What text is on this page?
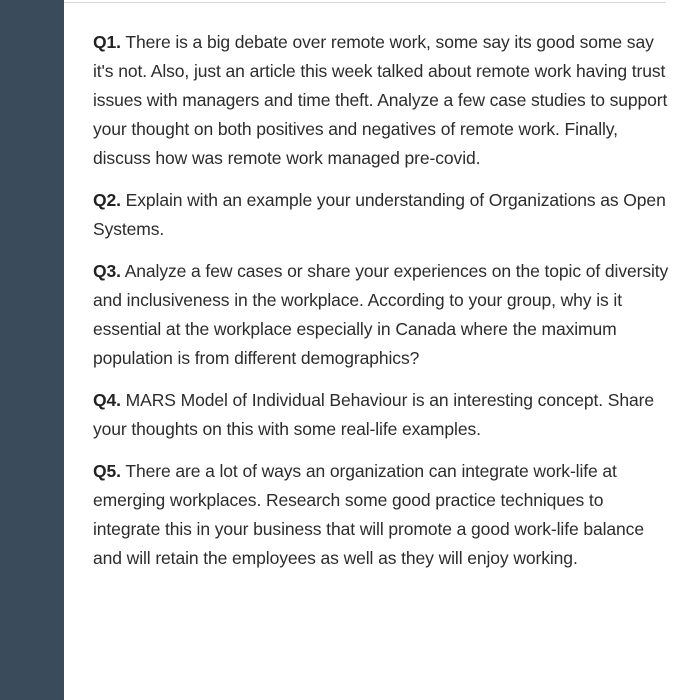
Q1. There is a big debate over remote work, some say its good some say it's not. Also, just an article this week talked about remote work having trust issues with managers and time theft. Analyze a few case studies to support your thought on both positives and negatives of remote work. Finally, discuss how was remote work managed pre-covid.

Q2. Explain with an example your understanding of Organizations as Open Systems.

Q3. Analyze a few cases or share your experiences on the topic of diversity and inclusiveness in the workplace. According to your group, why is it essential at the workplace especially in Canada where the maximum population is from different demographics?

Q4. MARS Model of Individual Behaviour is an interesting concept. Share your thoughts on this with some real-life examples.

Q5. There are a lot of ways an organization can integrate work-life at emerging workplaces. Research some good practice techniques to integrate this in your business that will promote a good work-life balance and will retain the employees as well as they will enjoy working.
